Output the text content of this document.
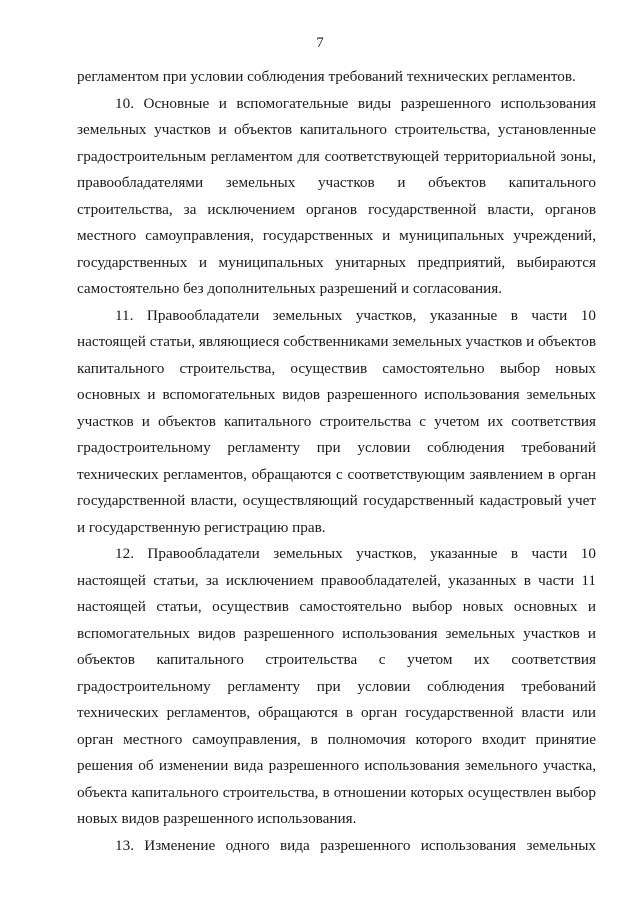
7

регламентом при условии соблюдения требований технических регламентов.

10. Основные и вспомогательные виды разрешенного использования земельных участков и объектов капитального строительства, установленные градостроительным регламентом для соответствующей территориальной зоны, правообладателями земельных участков и объектов капитального строительства, за исключением органов государственной власти, органов местного самоуправления, государственных и муниципальных учреждений, государственных и муниципальных унитарных предприятий, выбираются самостоятельно без дополнительных разрешений и согласования.

11. Правообладатели земельных участков, указанные в части 10 настоящей статьи, являющиеся собственниками земельных участков и объектов капитального строительства, осуществив самостоятельно выбор новых основных и вспомогательных видов разрешенного использования земельных участков и объектов капитального строительства с учетом их соответствия градостроительному регламенту при условии соблюдения требований технических регламентов, обращаются с соответствующим заявлением в орган государственной власти, осуществляющий государственный кадастровый учет и государственную регистрацию прав.

12. Правообладатели земельных участков, указанные в части 10 настоящей статьи, за исключением правообладателей, указанных в части 11 настоящей статьи, осуществив самостоятельно выбор новых основных и вспомогательных видов разрешенного использования земельных участков и объектов капитального строительства с учетом их соответствия градостроительному регламенту при условии соблюдения требований технических регламентов, обращаются в орган государственной власти или орган местного самоуправления, в полномочия которого входит принятие решения об изменении вида разрешенного использования земельного участка, объекта капитального строительства, в отношении которых осуществлен выбор новых видов разрешенного использования.

13. Изменение одного вида разрешенного использования земельных
